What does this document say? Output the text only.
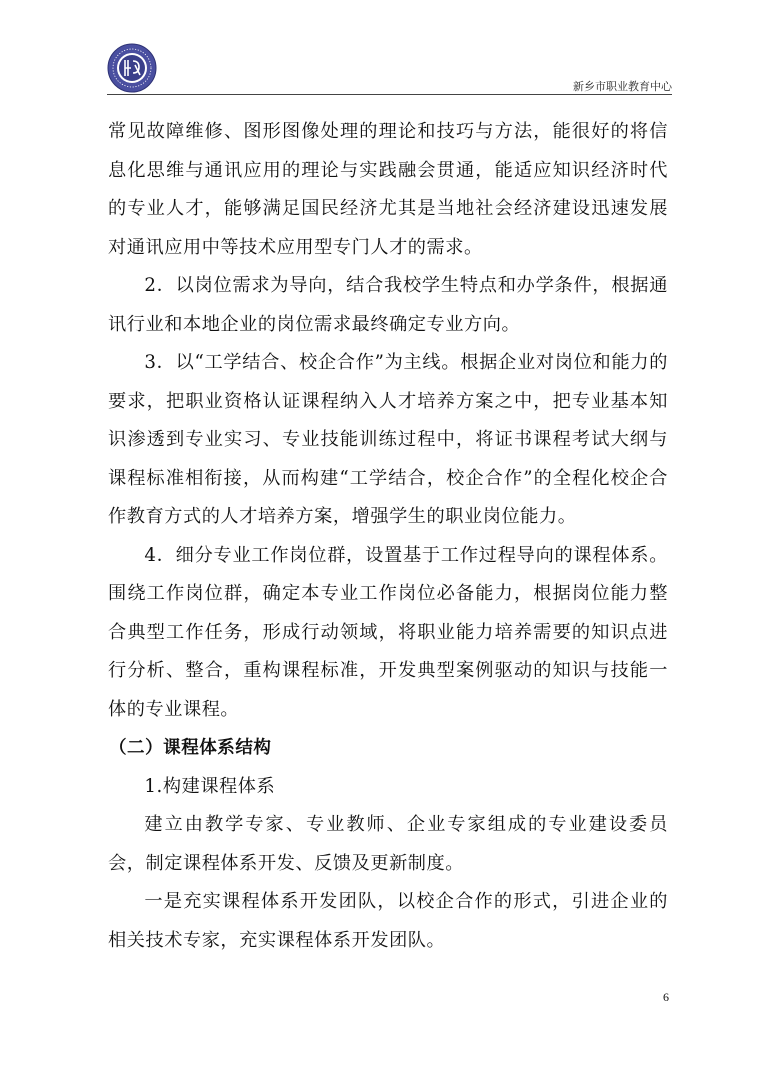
新乡市职业教育中心

常见故障维修、图形图像处理的理论和技巧与方法，能很好的将信息化思维与通讯应用的理论与实践融会贯通，能适应知识经济时代的专业人才，能够满足国民经济尤其是当地社会经济建设迅速发展对通讯应用中等技术应用型专门人才的需求。

2．以岗位需求为导向，结合我校学生特点和办学条件，根据通讯行业和本地企业的岗位需求最终确定专业方向。

3．以“工学结合、校企合作”为主线。根据企业对岗位和能力的要求，把职业资格认证课程纳入人才培养方案之中，把专业基本知识渗透到专业实习、专业技能训练过程中，将证书课程考试大纲与课程标准相衔接，从而构建“工学结合，校企合作”的全程化校企合作教育方式的人才培养方案，增强学生的职业岗位能力。

4．细分专业工作岗位群，设置基于工作过程导向的课程体系。围绕工作岗位群，确定本专业工作岗位必备能力，根据岗位能力整合典型工作任务，形成行动领域，将职业能力培养需要的知识点进行分析、整合，重构课程标准，开发典型案例驱动的知识与技能一体的专业课程。

（二）课程体系结构

1.构建课程体系

建立由教学专家、专业教师、企业专家组成的专业建设委员会，制定课程体系开发、反馈及更新制度。

一是充实课程体系开发团队，以校企合作的形式，引进企业的相关技术专家，充实课程体系开发团队。

6
